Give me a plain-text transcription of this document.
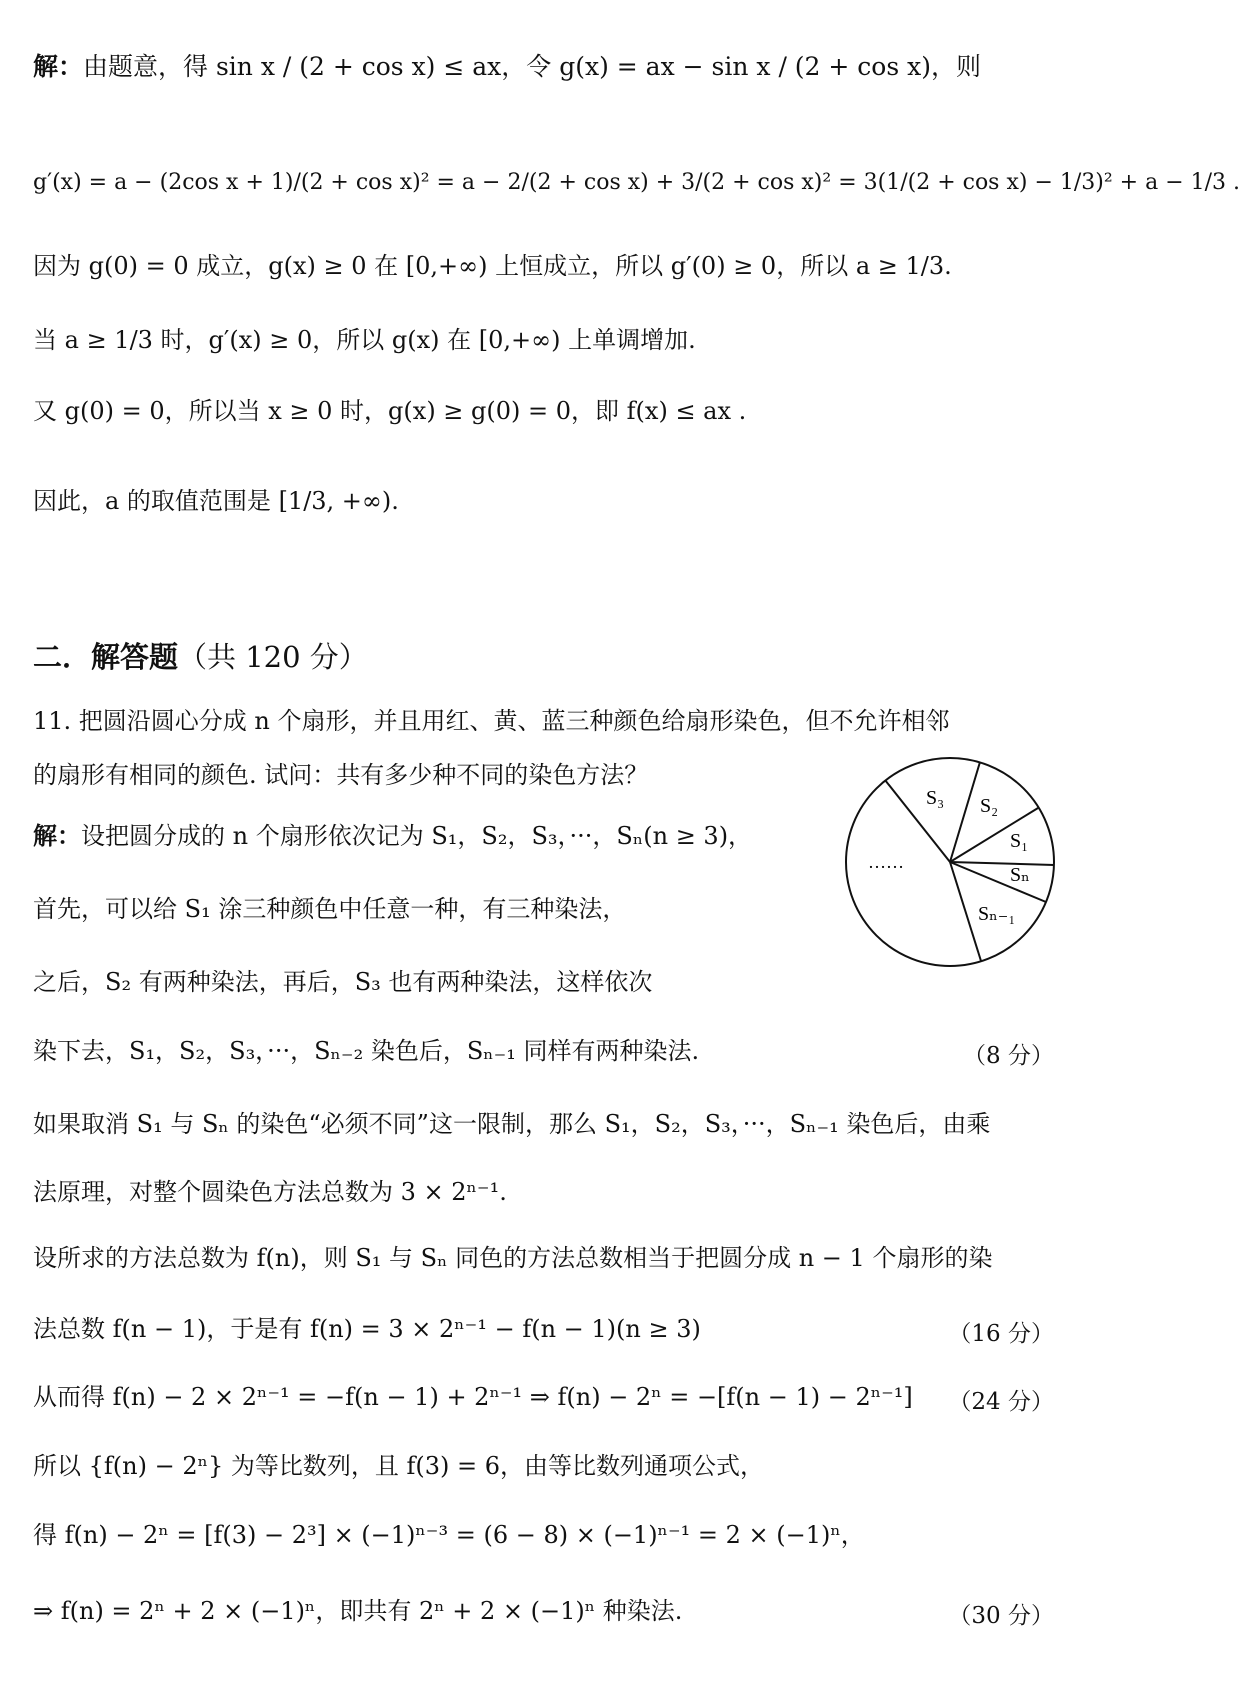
解：由题意，得 sin x / (2 + cos x) ≤ ax，令 g(x) = ax − sin x / (2 + cos x)，则
g′(x) = a − (2cos x + 1)/(2 + cos x)² = a − 2/(2 + cos x) + 3/(2 + cos x)² = 3(1/(2 + cos x) − 1/3)² + a − 1/3 .
因为 g(0) = 0 成立，g(x) ≥ 0 在 [0,+∞) 上恒成立，所以 g′(0) ≥ 0，所以 a ≥ 1/3.
当 a ≥ 1/3 时，g′(x) ≥ 0，所以 g(x) 在 [0,+∞) 上单调增加.
又 g(0) = 0，所以当 x ≥ 0 时，g(x) ≥ g(0) = 0，即 f(x) ≤ ax .
因此，a 的取值范围是 [1/3, +∞).
二．解答题（共 120 分）
11. 把圆沿圆心分成 n 个扇形，并且用红、黄、蓝三种颜色给扇形染色，但不允许相邻
的扇形有相同的颜色. 试问：共有多少种不同的染色方法？
解：设把圆分成的 n 个扇形依次记为 S₁，S₂，S₃，···，Sₙ(n ≥ 3)，
首先，可以给 S₁ 涂三种颜色中任意一种，有三种染法，
之后，S₂ 有两种染法，再后，S₃ 也有两种染法，这样依次
染下去，S₁，S₂，S₃，···，Sₙ₋₂ 染色后，Sₙ₋₁ 同样有两种染法.	（8 分）
如果取消 S₁ 与 Sₙ 的染色“必须不同”这一限制，那么 S₁，S₂，S₃，···，Sₙ₋₁ 染色后，由乘
法原理，对整个圆染色方法总数为 3 × 2ⁿ⁻¹.
设所求的方法总数为 f(n)，则 S₁ 与 Sₙ 同色的方法总数相当于把圆分成 n − 1 个扇形的染
法总数 f(n − 1)，于是有 f(n) = 3 × 2ⁿ⁻¹ − f(n − 1)(n ≥ 3)	（16 分）
从而得 f(n) − 2 × 2ⁿ⁻¹ = −f(n − 1) + 2ⁿ⁻¹ ⇒ f(n) − 2ⁿ = −[f(n − 1) − 2ⁿ⁻¹]	（24 分）
所以 {f(n) − 2ⁿ} 为等比数列，且 f(3) = 6，由等比数列通项公式，
得 f(n) − 2ⁿ = [f(3) − 2³] × (−1)ⁿ⁻³ = (6 − 8) × (−1)ⁿ⁻¹ = 2 × (−1)ⁿ，
⇒ f(n) = 2ⁿ + 2 × (−1)ⁿ，即共有 2ⁿ + 2 × (−1)ⁿ 种染法.	（30 分）
S₃ S₂
S₁
Sₙ
Sₙ₋₁
……
